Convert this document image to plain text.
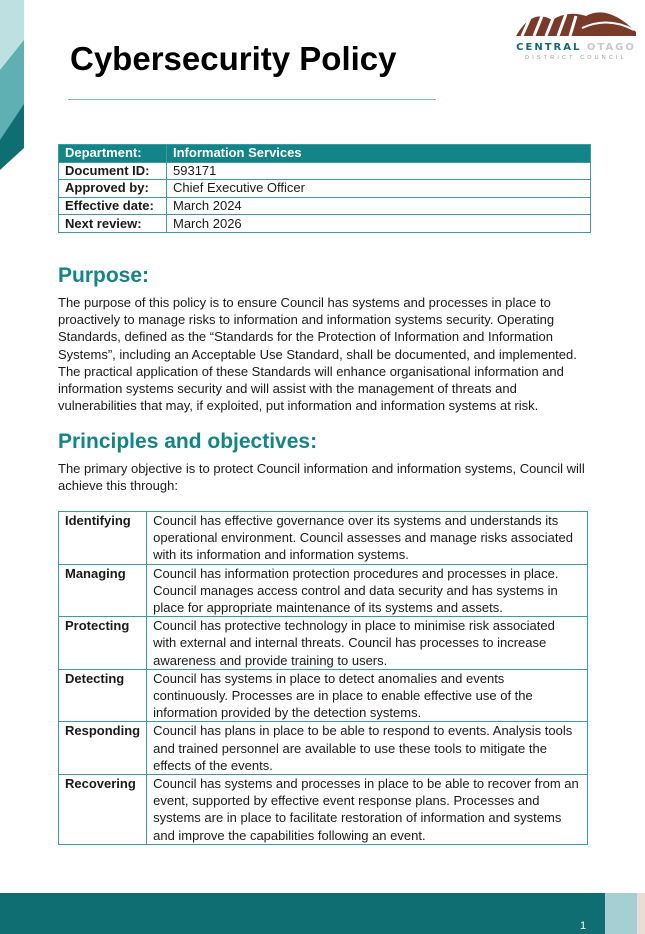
CENTRAL OTAGO
DISTRICT COUNCIL
Cybersecurity Policy
Department:	Information Services
Document ID:	593171
Approved by:	Chief Executive Officer
Effective date:	March 2024
Next review:	March 2026
Purpose:

The purpose of this policy is to ensure Council has systems and processes in place to proactively to manage risks to information and information systems security. Operating Standards, defined as the “Standards for the Protection of Information and Information Systems”, including an Acceptable Use Standard, shall be documented, and implemented. The practical application of these Standards will enhance organisational information and information systems security and will assist with the management of threats and vulnerabilities that may, if exploited, put information and information systems at risk.

Principles and objectives:

The primary objective is to protect Council information and information systems, Council will achieve this through:

Identifying	Council has effective governance over its systems and understands its operational environment. Council assesses and manage risks associated with its information and information systems.
Managing	Council has information protection procedures and processes in place. Council manages access control and data security and has systems in place for appropriate maintenance of its systems and assets.
Protecting	Council has protective technology in place to minimise risk associated with external and internal threats. Council has processes to increase awareness and provide training to users.
Detecting	Council has systems in place to detect anomalies and events continuously. Processes are in place to enable effective use of the information provided by the detection systems.
Responding	Council has plans in place to be able to respond to events. Analysis tools and trained personnel are available to use these tools to mitigate the effects of the events.
Recovering	Council has systems and processes in place to be able to recover from an event, supported by effective event response plans. Processes and systems are in place to facilitate restoration of information and systems and improve the capabilities following an event.
1
